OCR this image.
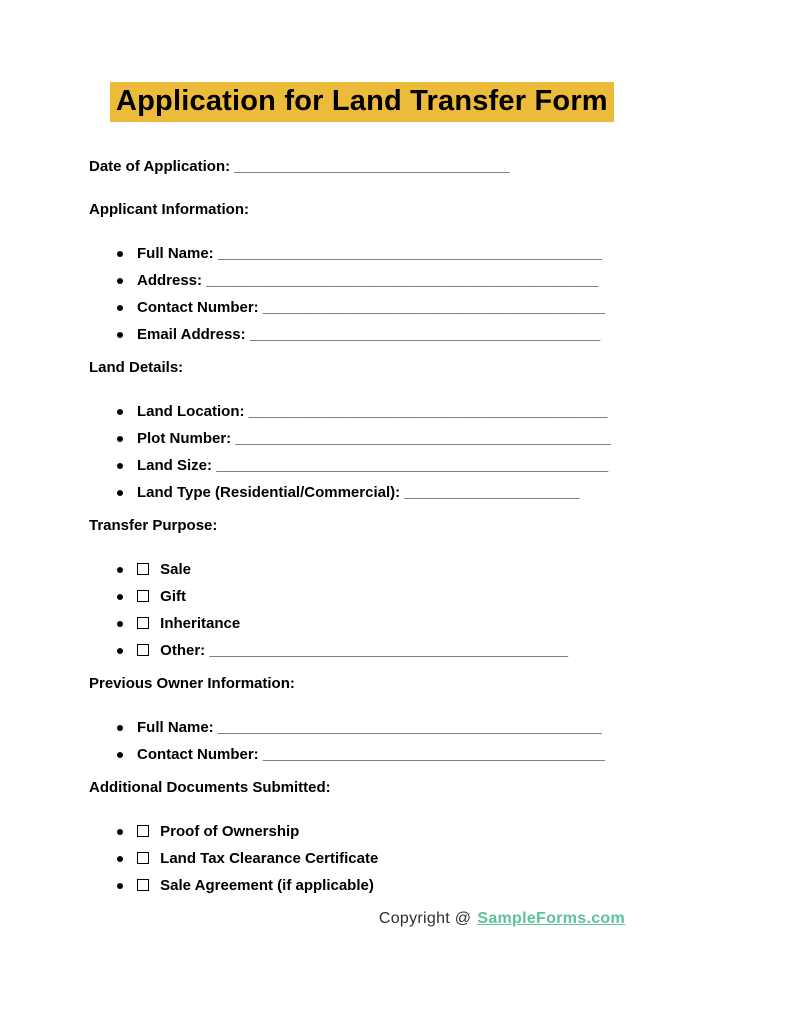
Application for Land Transfer Form

Date of Application: _________________________________

Applicant Information:

Full Name: ______________________________________________
Address: _______________________________________________
Contact Number: _________________________________________
Email Address: __________________________________________

Land Details:

Land Location: ___________________________________________
Plot Number: _____________________________________________
Land Size: _______________________________________________
Land Type (Residential/Commercial): _____________________

Transfer Purpose:

Sale
Gift
Inheritance
Other: ___________________________________________

Previous Owner Information:

Full Name: ______________________________________________
Contact Number: _________________________________________

Additional Documents Submitted:

Proof of Ownership
Land Tax Clearance Certificate
Sale Agreement (if applicable)
Copyright @ SampleForms.com
